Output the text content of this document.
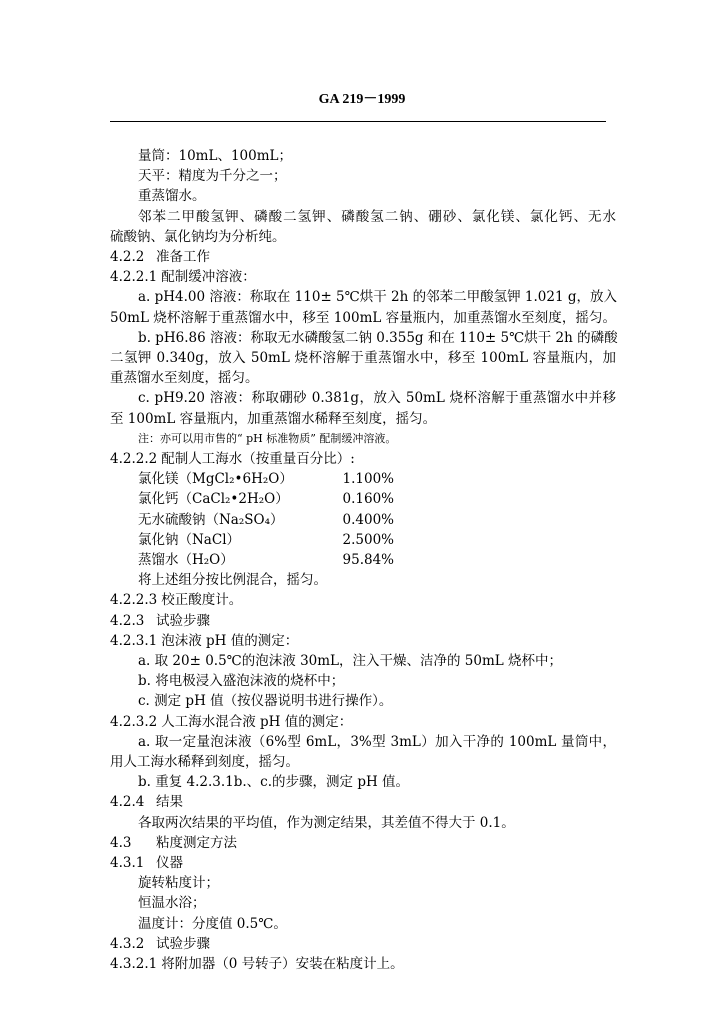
GA 219－1999
量筒：10mL、100mL；
天平：精度为千分之一；
重蒸馏水。
邻苯二甲酸氢钾、磷酸二氢钾、磷酸氢二钠、硼砂、氯化镁、氯化钙、无水
硫酸钠、氯化钠均为分析纯。
4.2.2 准备工作
4.2.2.1 配制缓冲溶液：
a. pH4.00 溶液：称取在 110± 5℃烘干 2h 的邻苯二甲酸氢钾 1.021 g，放入
50mL 烧杯溶解于重蒸馏水中，移至 100mL 容量瓶内，加重蒸馏水至刻度，摇匀。
b. pH6.86 溶液：称取无水磷酸氢二钠 0.355g 和在 110± 5℃烘干 2h 的磷酸
二氢钾 0.340g，放入 50mL 烧杯溶解于重蒸馏水中，移至 100mL 容量瓶内，加
重蒸馏水至刻度，摇匀。
c. pH9.20 溶液：称取硼砂 0.381g，放入 50mL 烧杯溶解于重蒸馏水中并移
至 100mL 容量瓶内，加重蒸馏水稀释至刻度，摇匀。
注：亦可以用市售的“ pH 标准物质” 配制缓冲溶液。
4.2.2.2 配制人工海水（按重量百分比）:
氯化镁（MgCl₂•6H₂O）	1.100%
氯化钙（CaCl₂•2H₂O）	0.160%
无水硫酸钠（Na₂SO₄）	0.400%
氯化钠（NaCl）	2.500%
蒸馏水（H₂O）	95.84%
将上述组分按比例混合，摇匀。
4.2.2.3 校正酸度计。
4.2.3 试验步骤
4.2.3.1 泡沫液 pH 值的测定：
a. 取 20± 0.5℃的泡沫液 30mL，注入干燥、洁净的 50mL 烧杯中；
b. 将电极浸入盛泡沫液的烧杯中；
c. 测定 pH 值（按仪器说明书进行操作）。
4.2.3.2 人工海水混合液 pH 值的测定：
a. 取一定量泡沫液（6%型 6mL，3%型 3mL）加入干净的 100mL 量筒中，
用人工海水稀释到刻度，摇匀。
b. 重复 4.2.3.1b.、c.的步骤，测定 pH 值。
4.2.4 结果
各取两次结果的平均值，作为测定结果，其差值不得大于 0.1。
4.3 粘度测定方法
4.3.1 仪器
旋转粘度计；
恒温水浴；
温度计：分度值 0.5℃。
4.3.2 试验步骤
4.3.2.1 将附加器（0 号转子）安装在粘度计上。
